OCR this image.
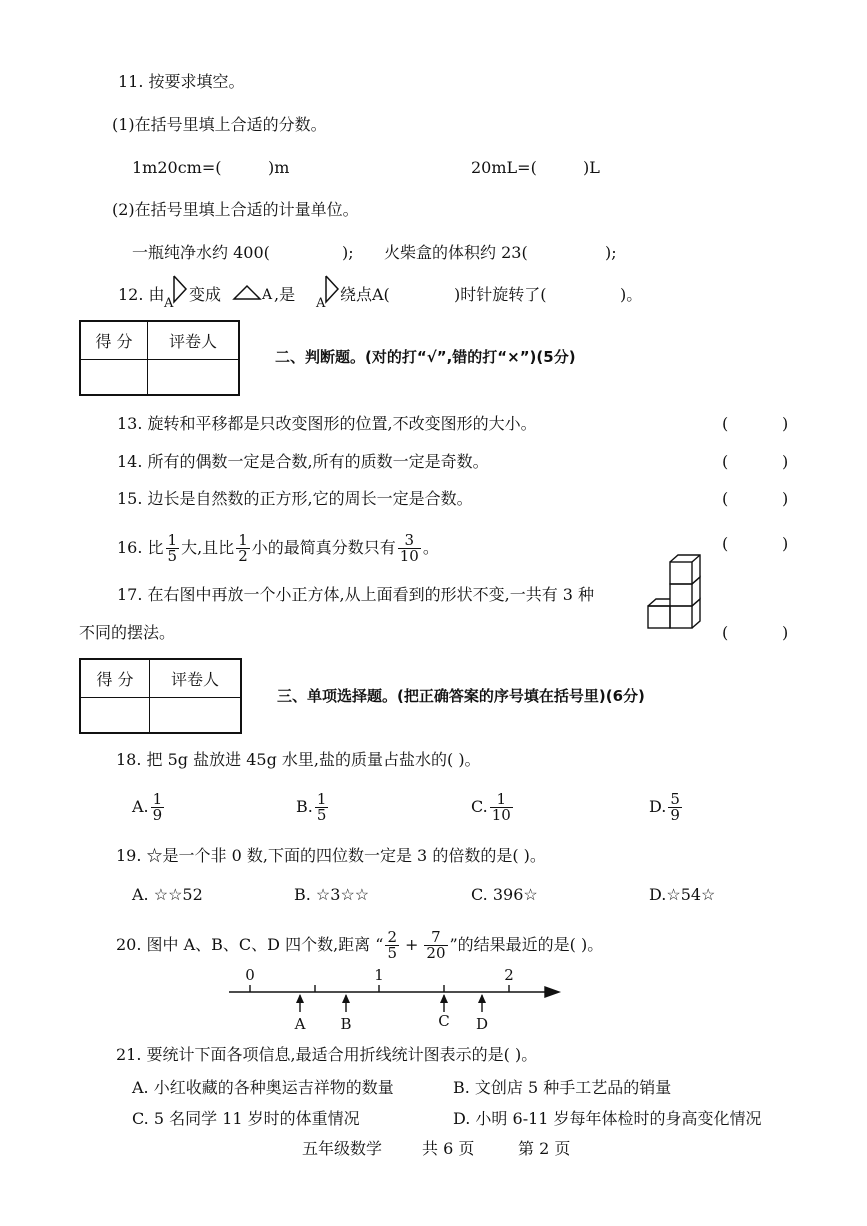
11. 按要求填空。
(1)在括号里填上合适的分数。
1m20cm=(	)m	20mL=(	)L
(2)在括号里填上合适的计量单位。
一瓶纯净水约 400(	); 火柴盒的体积约 23(	);
12. 由 A 变成	A ,是 A 绕点A(	)时针旋转了(	)。
得 分	评卷人

二、判断题。(对的打“√”,错的打“×”)(5分)
13. 旋转和平移都是只改变图形的位置,不改变图形的大小。	(	)
14. 所有的偶数一定是合数,所有的质数一定是奇数。	(	)
15. 边长是自然数的正方形,它的周长一定是合数。	(	)
16. 比 $\frac{1}{5}$ 大,且比 $\frac{1}{2}$ 小的最简真分数只有 $\frac{3}{10}$ 。	(	)
17. 在右图中再放一个小正方体,从上面看到的形状不变,一共有 3 种
不同的摆法。	(	)
得 分	评卷人

三、单项选择题。(把正确答案的序号填在括号里)(6分)
18. 把 5g 盐放进 45g 水里,盐的质量占盐水的( )。
A. $\frac{1}{9}$	B. $\frac{1}{5}$	C. $\frac{1}{10}$	D. $\frac{5}{9}$
19. ☆是一个非 0 数,下面的四位数一定是 3 的倍数的是( )。
A. ☆☆52	B. ☆3☆☆	C. 396☆	D.☆54☆
20. 图中 A、B、C、D 四个数,距离 “ $\frac{2}{5} + \frac{7}{20}$ ”的结果最近的是( )。
0	1	2
A B	C D
21. 要统计下面各项信息,最适合用折线统计图表示的是( )。
A. 小红收藏的各种奥运吉祥物的数量	B. 文创店 5 种手工艺品的销量
C. 5 名同学 11 岁时的体重情况	D. 小明 6-11 岁每年体检时的身高变化情况
五年级数学 共 6 页	第 2 页
